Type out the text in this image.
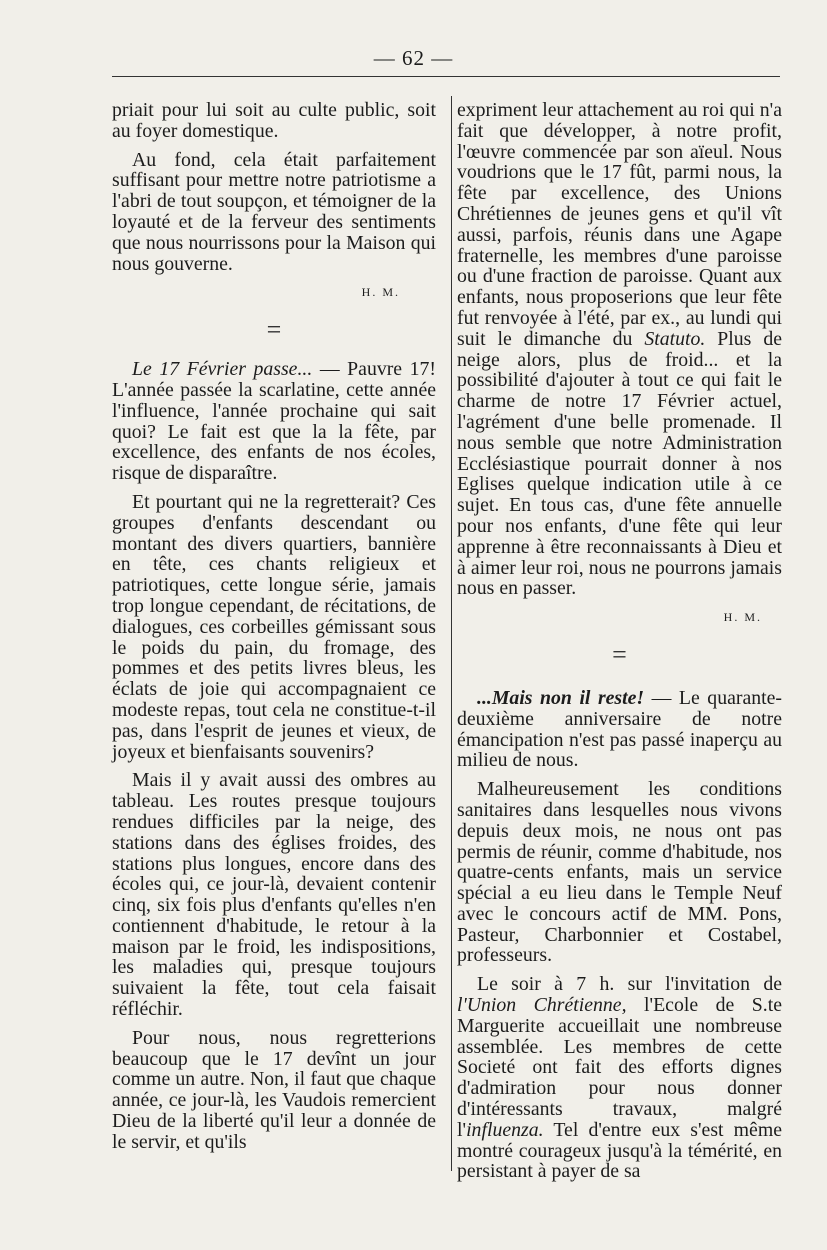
— 62 —

priait pour lui soit au culte public, soit au foyer domestique.

Au fond, cela était parfaitement suffisant pour mettre notre patriotisme a l'abri de tout soupçon, et témoigner de la loyauté et de la ferveur des sentiments que nous nourrissons pour la Maison qui nous gouverne.

H. M.
=

Le 17 Février passe... — Pauvre 17! L'année passée la scarlatine, cette année l'influence, l'année prochaine qui sait quoi? Le fait est que la la fête, par excellence, des enfants de nos écoles, risque de disparaître.

Et pourtant qui ne la regretterait? Ces groupes d'enfants descendant ou montant des divers quartiers, bannière en tête, ces chants religieux et patriotiques, cette longue série, jamais trop longue cependant, de récitations, de dialogues, ces corbeilles gémissant sous le poids du pain, du fromage, des pommes et des petits livres bleus, les éclats de joie qui accompagnaient ce modeste repas, tout cela ne constitue-t-il pas, dans l'esprit de jeunes et vieux, de joyeux et bienfaisants souvenirs?

Mais il y avait aussi des ombres au tableau. Les routes presque toujours rendues difficiles par la neige, des stations dans des églises froides, des stations plus longues, encore dans des écoles qui, ce jour-là, devaient contenir cinq, six fois plus d'enfants qu'elles n'en contiennent d'habitude, le retour à la maison par le froid, les indispositions, les maladies qui, presque toujours suivaient la fête, tout cela faisait réfléchir.

Pour nous, nous regretterions beaucoup que le 17 devînt un jour comme un autre. Non, il faut que chaque année, ce jour-là, les Vaudois remercient Dieu de la liberté qu'il leur a donnée de le servir, et qu'ils

expriment leur attachement au roi qui n'a fait que développer, à notre profit, l'œuvre commencée par son aïeul. Nous voudrions que le 17 fût, parmi nous, la fête par excellence, des Unions Chrétiennes de jeunes gens et qu'il vît aussi, parfois, réunis dans une Agape fraternelle, les membres d'une paroisse ou d'une fraction de paroisse. Quant aux enfants, nous proposerions que leur fête fut renvoyée à l'été, par ex., au lundi qui suit le dimanche du Statuto. Plus de neige alors, plus de froid... et la possibilité d'ajouter à tout ce qui fait le charme de notre 17 Février actuel, l'agrément d'une belle promenade. Il nous semble que notre Administration Ecclésiastique pourrait donner à nos Eglises quelque indication utile à ce sujet. En tous cas, d'une fête annuelle pour nos enfants, d'une fête qui leur apprenne à être reconnaissants à Dieu et à aimer leur roi, nous ne pourrons jamais nous en passer.

H. M.
=

...Mais non il reste! — Le quarante-deuxième anniversaire de notre émancipation n'est pas passé inaperçu au milieu de nous.

Malheureusement les conditions sanitaires dans lesquelles nous vivons depuis deux mois, ne nous ont pas permis de réunir, comme d'habitude, nos quatre-cents enfants, mais un service spécial a eu lieu dans le Temple Neuf avec le concours actif de MM. Pons, Pasteur, Charbonnier et Costabel, professeurs.

Le soir à 7 h. sur l'invitation de l'Union Chrétienne, l'Ecole de S.te Marguerite accueillait une nombreuse assemblée. Les membres de cette Societé ont fait des efforts dignes d'admiration pour nous donner d'intéressants travaux, malgré l'influenza. Tel d'entre eux s'est même montré courageux jusqu'à la témérité, en persistant à payer de sa
